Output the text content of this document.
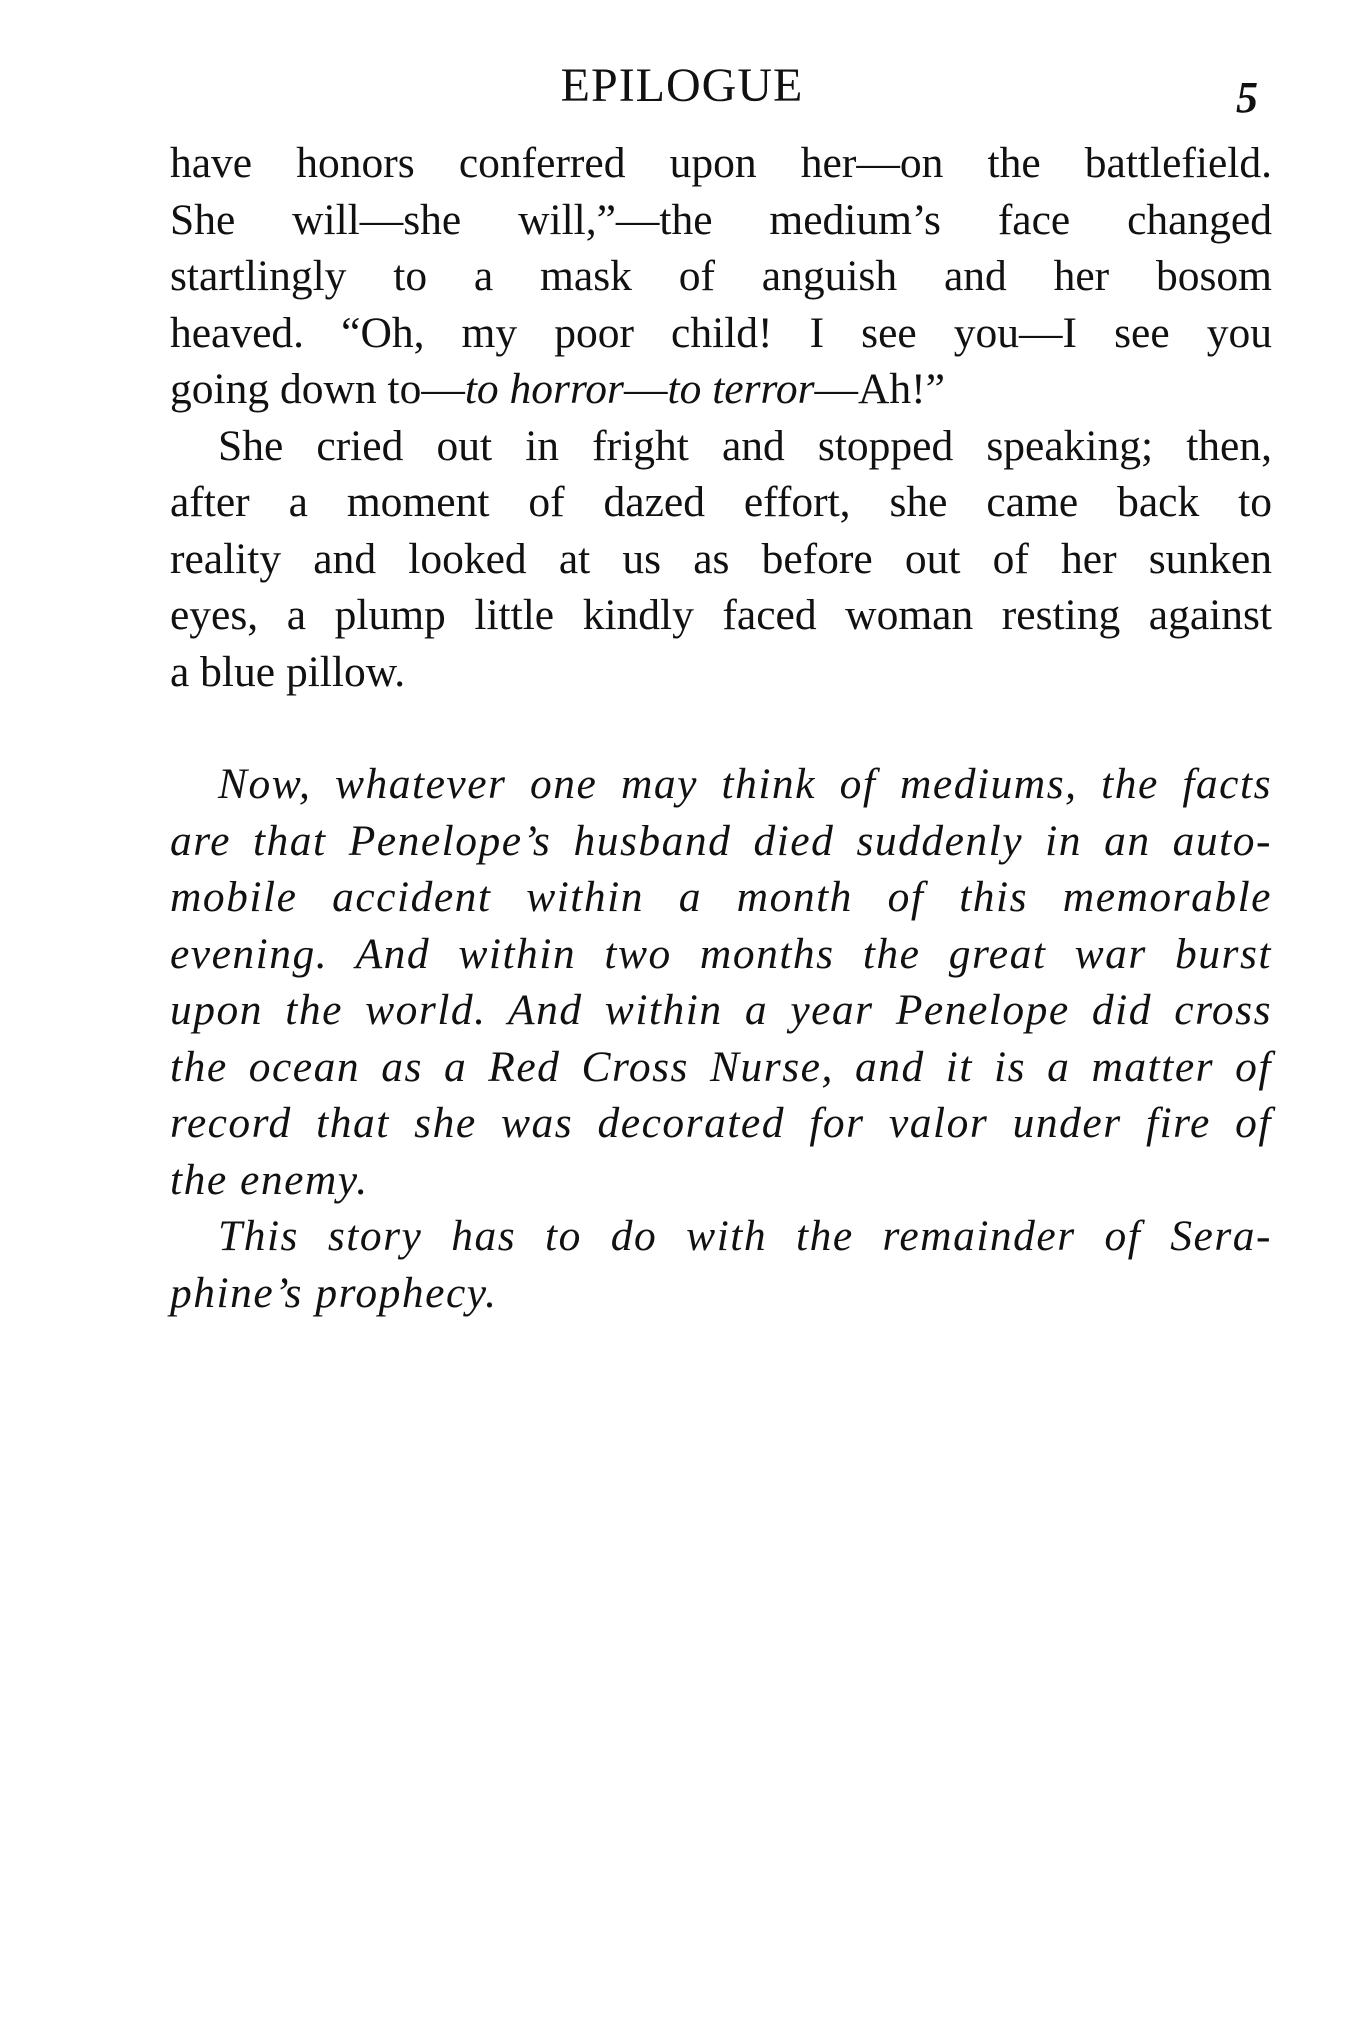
EPILOGUE	5
have honors conferred upon her—on the battlefield.
She will—she will,”—the medium’s face changed
startlingly to a mask of anguish and her bosom
heaved. “Oh, my poor child! I see you—I see you
going down to—to horror—to terror—Ah!”
She cried out in fright and stopped speaking; then,
after a moment of dazed effort, she came back to
reality and looked at us as before out of her sunken
eyes, a plump little kindly faced woman resting against
a blue pillow.
Now, whatever one may think of mediums, the facts
are that Penelope’s husband died suddenly in an auto-
mobile accident within a month of this memorable
evening. And within two months the great war burst
upon the world. And within a year Penelope did cross
the ocean as a Red Cross Nurse, and it is a matter of
record that she was decorated for valor under fire of
the enemy.
This story has to do with the remainder of Sera-
phine’s prophecy.
